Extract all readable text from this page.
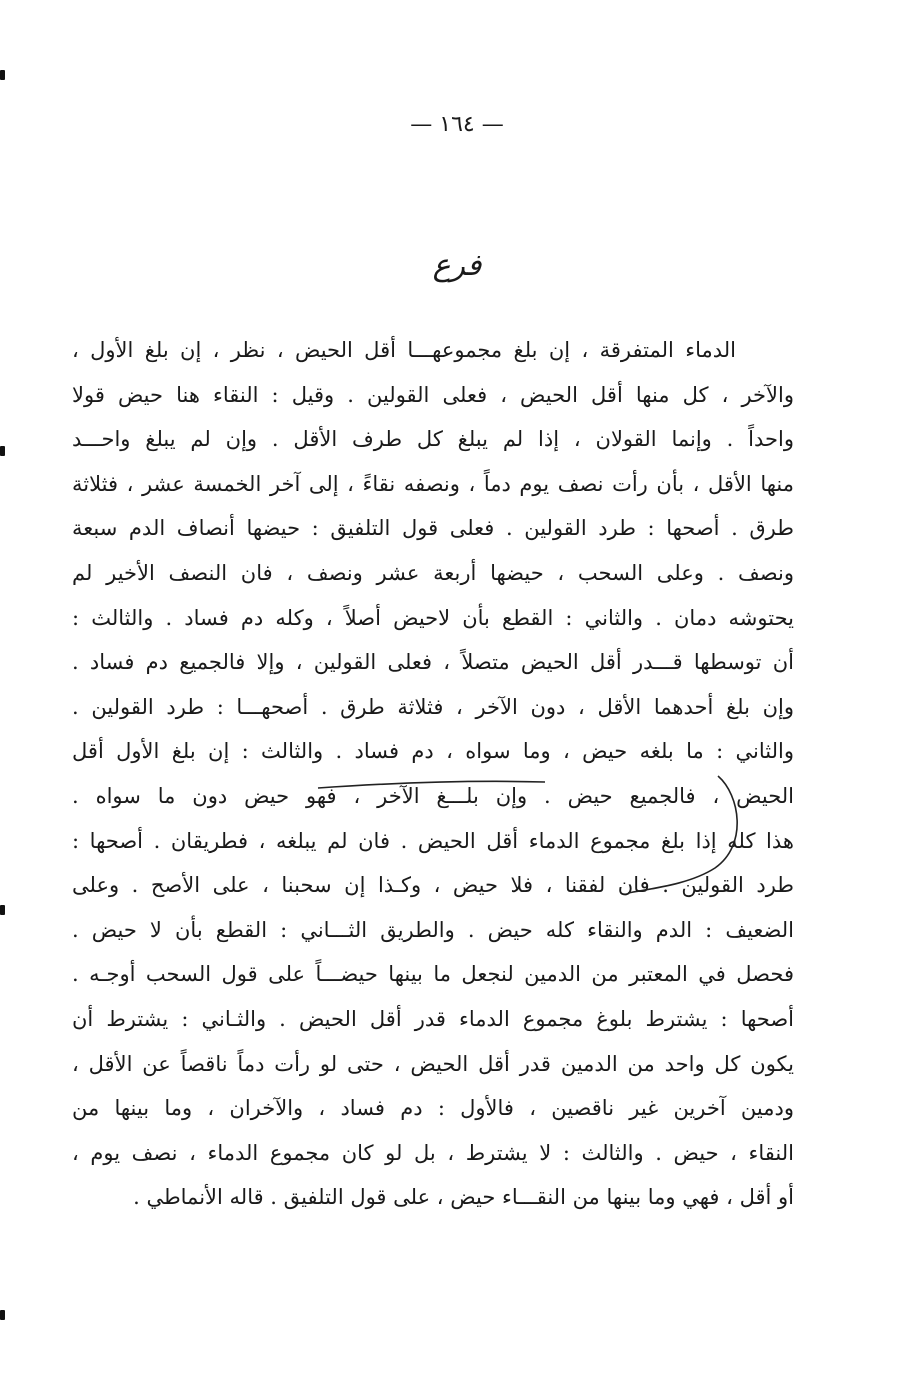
— ١٦٤ —
فرع
الدماء المتفرقة ، إن بلغ مجموعهـــا أقل الحيض ، نظر ، إن بلغ الأول ،
والآخر ، كل منها أقل الحيض ، فعلى القولين . وقيل : النقاء هنا حيض قولا
واحداً . وإنما القولان ، إذا لم يبلغ كل طرف الأقل . وإن لم يبلغ واحـــد
منها الأقل ، بأن رأت نصف يوم دماً ، ونصفه نقاءً ، إلى آخر الخمسة عشر ، فثلاثة
طرق . أصحها : طرد القولين . فعلى قول التلفيق : حيضها أنصاف الدم سبعة
ونصف . وعلى السحب ، حيضها أربعة عشر ونصف ، فان النصف الأخير لم
يحتوشه دمان . والثاني : القطع بأن لاحيض أصلاً ، وكله دم فساد . والثالث :
أن توسطها قـــدر أقل الحيض متصلاً ، فعلى القولين ، وإلا فالجميع دم فساد .
وإن بلغ أحدهما الأقل ، دون الآخر ، فثلاثة طرق . أصحهـــا : طرد القولين .
والثاني : ما بلغه حيض ، وما سواه ، دم فساد . والثالث : إن بلغ الأول أقل
الحيض ، فالجميع حيض . وإن بلـــغ الآخر ، فهو حيض دون ما سواه .
هذا كله إذا بلغ مجموع الدماء أقل الحيض . فان لم يبلغه ، فطريقان . أصحها :
طرد القولين . فان لفقنا ، فلا حيض ، وكـذا إن سحبنا ، على الأصح . وعلى
الضعيف : الدم والنقاء كله حيض . والطريق الثـــاني : القطع بأن لا حيض .
فحصل في المعتبر من الدمين لنجعل ما بينها حيضـــاً على قول السحب أوجـه .
أصحها : يشترط بلوغ مجموع الدماء قدر أقل الحيض . والثـاني : يشترط أن
يكون كل واحد من الدمين قدر أقل الحيض ، حتى لو رأت دماً ناقصاً عن الأقل ،
ودمين آخرين غير ناقصين ، فالأول : دم فساد ، والآخران ، وما بينها من
النقاء ، حيض . والثالث : لا يشترط ، بل لو كان مجموع الدماء ، نصف يوم ،
أو أقل ، فهي وما بينها من النقـــاء حيض ، على قول التلفيق . قاله الأنماطي .
